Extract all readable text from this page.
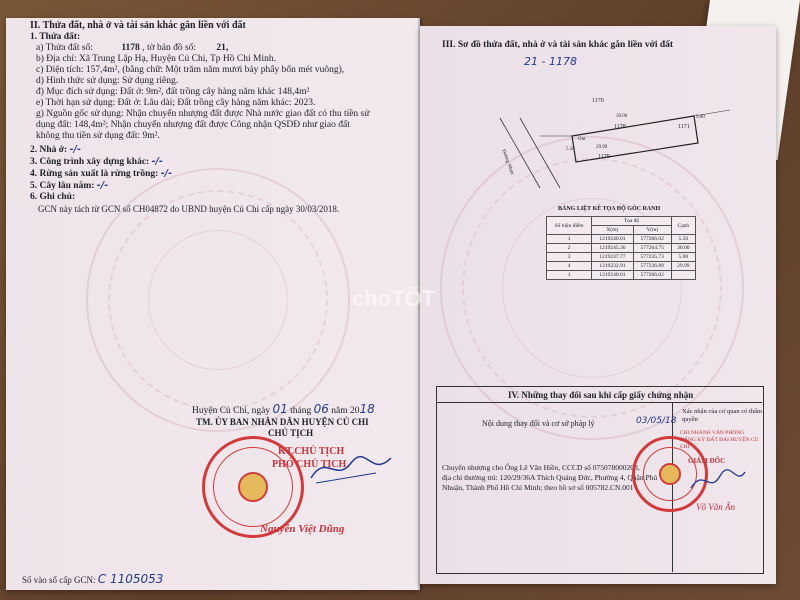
II. Thửa đất, nhà ở và tài sản khác gắn liền với đất
1. Thửa đất:
a) Thửa đất số:	1178 , tờ bản đồ số: 21,
b) Địa chỉ: Xã Trung Lập Hạ, Huyện Củ Chi, Tp Hồ Chí Minh.
c) Diện tích: 157,4m², (bằng chữ: Một trăm năm mươi bảy phẩy bốn mét vuông),
d) Hình thức sử dụng: Sử dụng riêng.
đ) Mục đích sử dụng: Đất ở: 9m², đất trồng cây hàng năm khác 148,4m²
e) Thời hạn sử dụng: Đất ở: Lâu dài; Đất trồng cây hàng năm khác: 2023.
g) Nguồn gốc sử dụng: Nhận chuyển nhượng đất được Nhà nước giao đất có thu tiền sử
dụng đất: 148,4m²; Nhận chuyển nhượng đất được Công nhận QSDĐ như giao đất
không thu tiền sử dụng đất: 9m².
2. Nhà ở: -/-
3. Công trình xây dựng khác: -/-
4. Rừng sản xuất là rừng trồng: -/-
5. Cây lâu năm: -/-
6. Ghi chú:
GCN này tách từ GCN số CH04872 do UBND huyện Củ Chi cấp ngày 30/03/2018.
Huyện Củ Chi, ngày 01 tháng 06 năm 2018
TM. ỦY BAN NHÂN DÂN HUYỆN CỦ CHI
CHỦ TỊCH
KT.CHỦ TỊCH
PHÓ CHỦ TỊCH
Nguyễn Việt Dũng
Số vào sổ cấp GCN: C 1105053
III. Sơ đồ thửa đất, nhà ở và tài sản khác gắn liền với đất
21 - 1178
1170
1178	1171
1179
30.00
29.99
5.00
5.50
Ont
Đường Nhựa
BẢNG LIỆT KÊ TỌA ĐỘ GÓC RANH
Số hiệu điểm	Tọa độ		Cạnh
	X(m)	Y(m)	
1	1219240.01	577266.02	5.50
2	1219245.36	577264.75	30.00
3	1219237.77	577235.73	5.00
4	1219232.91	577236.89	29.99
1	1219240.01	577266.02	
IV. Những thay đổi sau khi cấp giấy chứng nhận
Nội dung thay đổi và cơ sở pháp lý
Xác nhận của cơ quan có thẩm quyền
03/05/18
Chuyển nhượng cho Ông Lê Văn Hiền, CCCD số 075078000208,
địa chỉ thường trú: 120/29/36A Thích Quảng Đức, Phường 4, Quận Phú
Nhuận, Thành Phố Hồ Chí Minh; theo hồ sơ số 005782.CN.001
CHI NHÁNH VĂN PHÒNG ĐĂNG KÝ ĐẤT ĐAI HUYỆN CỦ CHI
GIÁM ĐỐC
Võ Văn Ân
choTỐT
